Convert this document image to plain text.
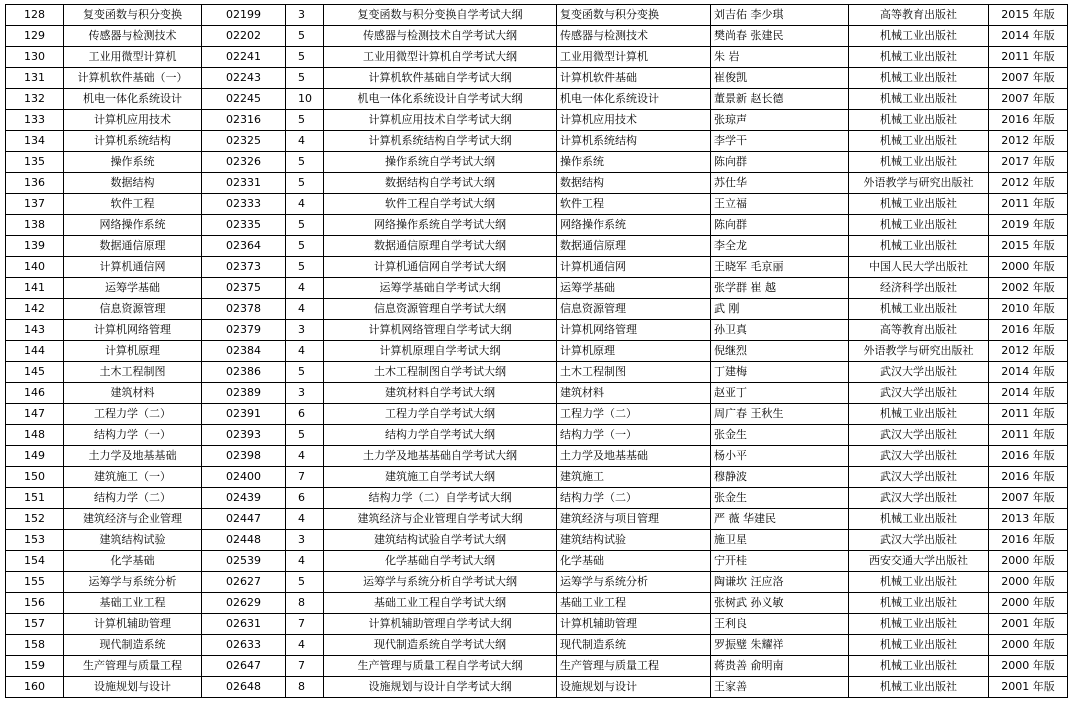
128	复变函数与积分变换	02199	3	复变函数与积分变换自学考试大纲	复变函数与积分变换	刘吉佑 李少琪	高等教育出版社	2015 年版
129	传感器与检测技术	02202	5	传感器与检测技术自学考试大纲	传感器与检测技术	樊尚春 张建民	机械工业出版社	2014 年版
130	工业用微型计算机	02241	5	工业用微型计算机自学考试大纲	工业用微型计算机	朱 岩	机械工业出版社	2011 年版
131	计算机软件基础（一）	02243	5	计算机软件基础自学考试大纲	计算机软件基础	崔俊凯	机械工业出版社	2007 年版
132	机电一体化系统设计	02245	10	机电一体化系统设计自学考试大纲	机电一体化系统设计	董景新 赵长德	机械工业出版社	2007 年版
133	计算机应用技术	02316	5	计算机应用技术自学考试大纲	计算机应用技术	张琼声	机械工业出版社	2016 年版
134	计算机系统结构	02325	4	计算机系统结构自学考试大纲	计算机系统结构	李学干	机械工业出版社	2012 年版
135	操作系统	02326	5	操作系统自学考试大纲	操作系统	陈向群	机械工业出版社	2017 年版
136	数据结构	02331	5	数据结构自学考试大纲	数据结构	苏仕华	外语教学与研究出版社	2012 年版
137	软件工程	02333	4	软件工程自学考试大纲	软件工程	王立福	机械工业出版社	2011 年版
138	网络操作系统	02335	5	网络操作系统自学考试大纲	网络操作系统	陈向群	机械工业出版社	2019 年版
139	数据通信原理	02364	5	数据通信原理自学考试大纲	数据通信原理	李全龙	机械工业出版社	2015 年版
140	计算机通信网	02373	5	计算机通信网自学考试大纲	计算机通信网	王晓军 毛京丽	中国人民大学出版社	2000 年版
141	运筹学基础	02375	4	运筹学基础自学考试大纲	运筹学基础	张学群 崔 越	经济科学出版社	2002 年版
142	信息资源管理	02378	4	信息资源管理自学考试大纲	信息资源管理	武 刚	机械工业出版社	2010 年版
143	计算机网络管理	02379	3	计算机网络管理自学考试大纲	计算机网络管理	孙卫真	高等教育出版社	2016 年版
144	计算机原理	02384	4	计算机原理自学考试大纲	计算机原理	倪继烈	外语教学与研究出版社	2012 年版
145	土木工程制图	02386	5	土木工程制图自学考试大纲	土木工程制图	丁建梅	武汉大学出版社	2014 年版
146	建筑材料	02389	3	建筑材料自学考试大纲	建筑材料	赵亚丁	武汉大学出版社	2014 年版
147	工程力学（二）	02391	6	工程力学自学考试大纲	工程力学（二）	周广春 王秋生	机械工业出版社	2011 年版
148	结构力学（一）	02393	5	结构力学自学考试大纲	结构力学（一）	张金生	武汉大学出版社	2011 年版
149	土力学及地基基础	02398	4	土力学及地基基础自学考试大纲	土力学及地基基础	杨小平	武汉大学出版社	2016 年版
150	建筑施工（一）	02400	7	建筑施工自学考试大纲	建筑施工	穆静波	武汉大学出版社	2016 年版
151	结构力学（二）	02439	6	结构力学（二）自学考试大纲	结构力学（二）	张金生	武汉大学出版社	2007 年版
152	建筑经济与企业管理	02447	4	建筑经济与企业管理自学考试大纲	建筑经济与项目管理	严 薇 华建民	机械工业出版社	2013 年版
153	建筑结构试验	02448	3	建筑结构试验自学考试大纲	建筑结构试验	施卫星	武汉大学出版社	2016 年版
154	化学基础	02539	4	化学基础自学考试大纲	化学基础	宁开桂	西安交通大学出版社	2000 年版
155	运筹学与系统分析	02627	5	运筹学与系统分析自学考试大纲	运筹学与系统分析	陶谦坎 汪应洛	机械工业出版社	2000 年版
156	基础工业工程	02629	8	基础工业工程自学考试大纲	基础工业工程	张树武 孙义敏	机械工业出版社	2000 年版
157	计算机辅助管理	02631	7	计算机辅助管理自学考试大纲	计算机辅助管理	王利良	机械工业出版社	2001 年版
158	现代制造系统	02633	4	现代制造系统自学考试大纲	现代制造系统	罗振璧 朱耀祥	机械工业出版社	2000 年版
159	生产管理与质量工程	02647	7	生产管理与质量工程自学考试大纲	生产管理与质量工程	蒋贵善 俞明南	机械工业出版社	2000 年版
160	设施规划与设计	02648	8	设施规划与设计自学考试大纲	设施规划与设计	王家善	机械工业出版社	2001 年版
